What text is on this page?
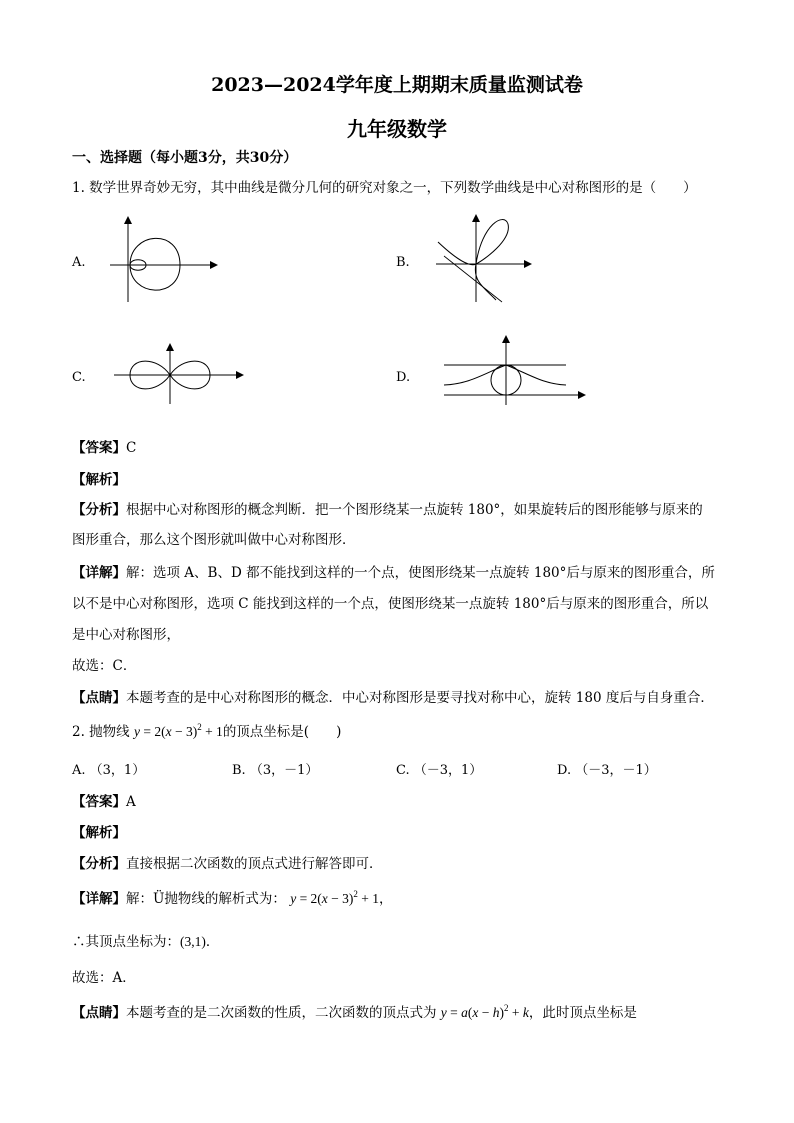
2023—2024学年度上期期末质量监测试卷
九年级数学
一、选择题（每小题3分，共30分）
1. 数学世界奇妙无穷，其中曲线是微分几何的研究对象之一，下列数学曲线是中心对称图形的是（　　）
A.	B.
C.	D.
【答案】C
【解析】
【分析】根据中心对称图形的概念判断．把一个图形绕某一点旋转 180°，如果旋转后的图形能够与原来的
图形重合，那么这个图形就叫做中心对称图形．
【详解】解：选项 A、B、D 都不能找到这样的一个点，使图形绕某一点旋转 180°后与原来的图形重合，所
以不是中心对称图形，选项 C 能找到这样的一个点，使图形绕某一点旋转 180°后与原来的图形重合，所以
是中心对称图形，
故选：C．
【点睛】本题考查的是中心对称图形的概念．中心对称图形是要寻找对称中心，旋转 180 度后与自身重合．
2. 抛物线 $y = 2(x - 3)^2 + 1$的顶点坐标是(　　)
A. （3，1）	B. （3，－1）	C. （－3，1）	D. （－3，－1）
【答案】A
【解析】
【分析】直接根据二次函数的顶点式进行解答即可．
【详解】解：Ü抛物线的解析式为： $y = 2(x - 3)^2 + 1$，
∴其顶点坐标为：(3,1)．
故选：A．
【点睛】本题考查的是二次函数的性质，二次函数的顶点式为 $y = a(x - h)^2 + k$，此时顶点坐标是
